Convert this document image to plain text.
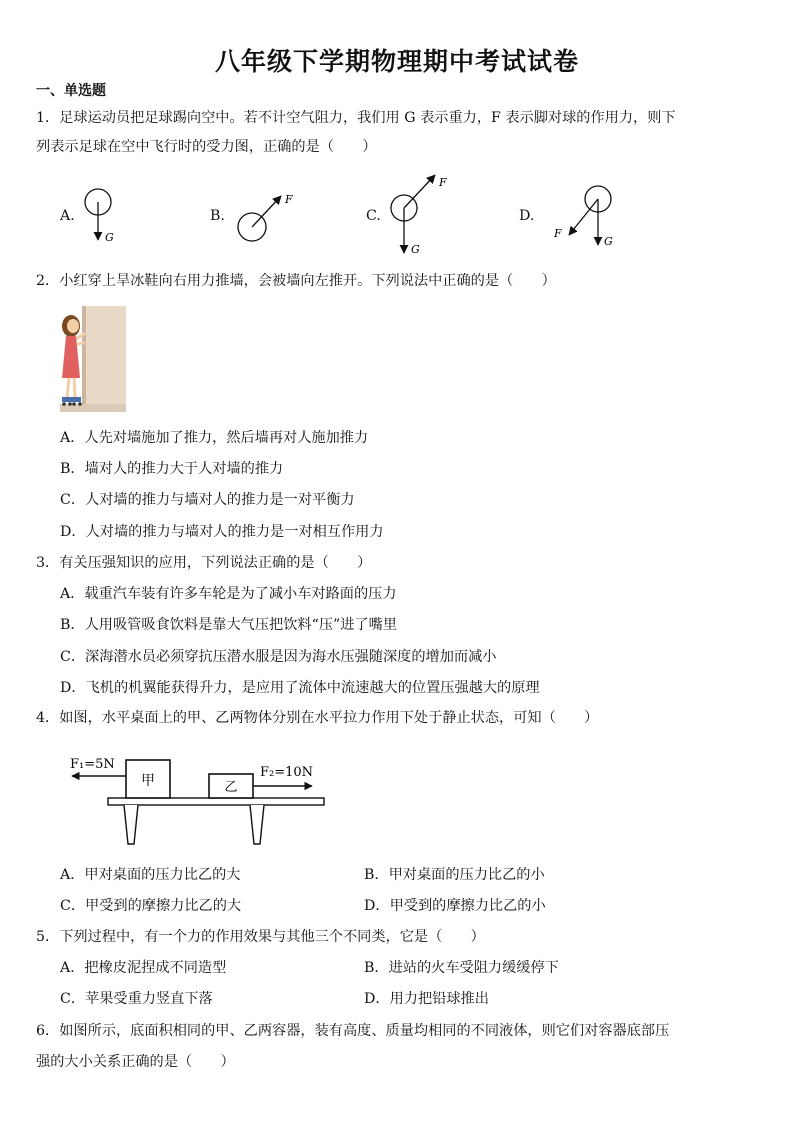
八年级下学期物理期中考试试卷
一、单选题
1．足球运动员把足球踢向空中。若不计空气阻力，我们用 G 表示重力，F 表示脚对球的作用力，则下
列表示足球在空中飞行时的受力图，正确的是（　　）
A.	B.	C.	D.
G
F
F
G
F
G
2．小红穿上旱冰鞋向右用力推墙，会被墙向左推开。下列说法中正确的是（　　）
A．人先对墙施加了推力，然后墙再对人施加推力
B．墙对人的推力大于人对墙的推力
C．人对墙的推力与墙对人的推力是一对平衡力
D．人对墙的推力与墙对人的推力是一对相互作用力
3．有关压强知识的应用，下列说法正确的是（　　）
A．载重汽车装有许多车轮是为了减小车对路面的压力
B．人用吸管吸食饮料是靠大气压把饮料“压”进了嘴里
C．深海潜水员必须穿抗压潜水服是因为海水压强随深度的增加而减小
D．飞机的机翼能获得升力，是应用了流体中流速越大的位置压强越大的原理
4．如图，水平桌面上的甲、乙两物体分别在水平拉力作用下处于静止状态，可知（　　）
甲	乙
F₁=5N
F₂=10N
A．甲对桌面的压力比乙的大	B．甲对桌面的压力比乙的小
C．甲受到的摩擦力比乙的大	D．甲受到的摩擦力比乙的小
5．下列过程中，有一个力的作用效果与其他三个不同类，它是（　　）
A．把橡皮泥捏成不同造型	B．进站的火车受阻力缓缓停下
C．苹果受重力竖直下落	D．用力把铅球推出
6．如图所示，底面积相同的甲、乙两容器，装有高度、质量均相同的不同液体，则它们对容器底部压
强的大小关系正确的是（　　）
